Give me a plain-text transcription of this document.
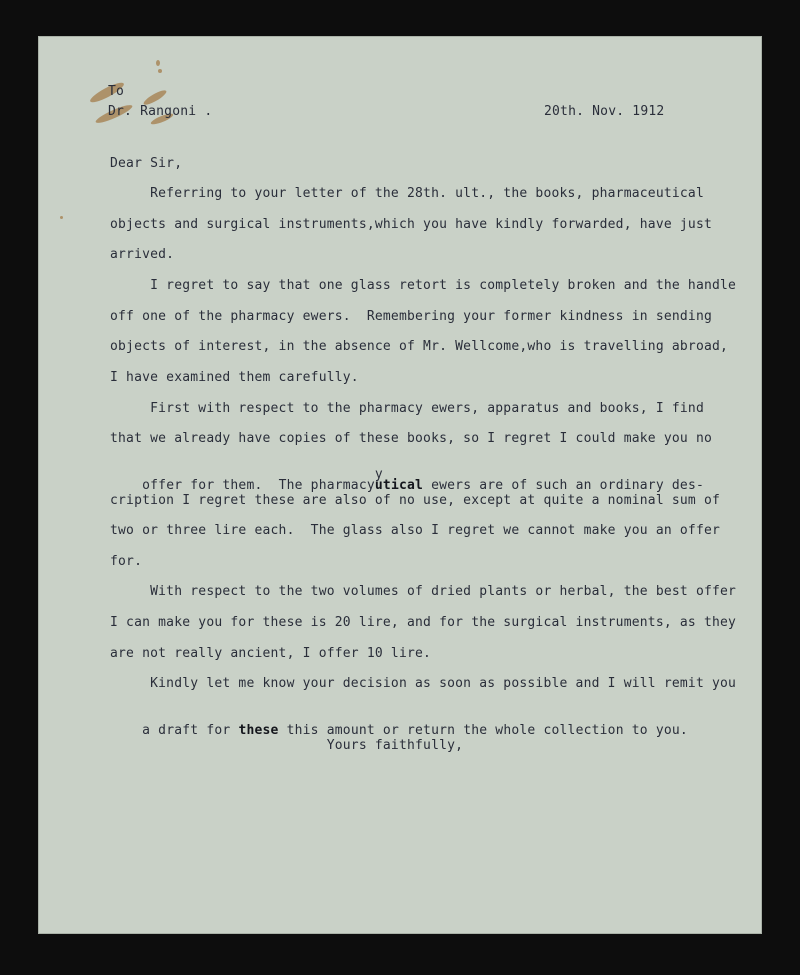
To
Dr. Rangoni .	20th. Nov. 1912
Dear Sir,
Referring to your letter of the 28th. ult., the books, pharmaceutical
objects and surgical instruments,which you have kindly forwarded, have just
arrived.
I regret to say that one glass retort is completely broken and the handle
off one of the pharmacy ewers.  Remembering your former kindness in sending
objects of interest, in the absence of Mr. Wellcome,who is travelling abroad,
I have examined them carefully.
First with respect to the pharmacy ewers, apparatus and books, I find
that we already have copies of these books, so I regret I could make you no

offer for them.  The pharmacy
y
utical ewers are of such an ordinary des-

cription I regret these are also of no use, except at quite a nominal sum of
two or three lire each.  The glass also I regret we cannot make you an offer
for.
With respect to the two volumes of dried plants or herbal, the best offer
I can make you for these is 20 lire, and for the surgical instruments, as they
are not really ancient, I offer 10 lire.
Kindly let me know your decision as soon as possible and I will remit you

a draft for these this amount or return the whole collection to you.

Yours faithfully,
